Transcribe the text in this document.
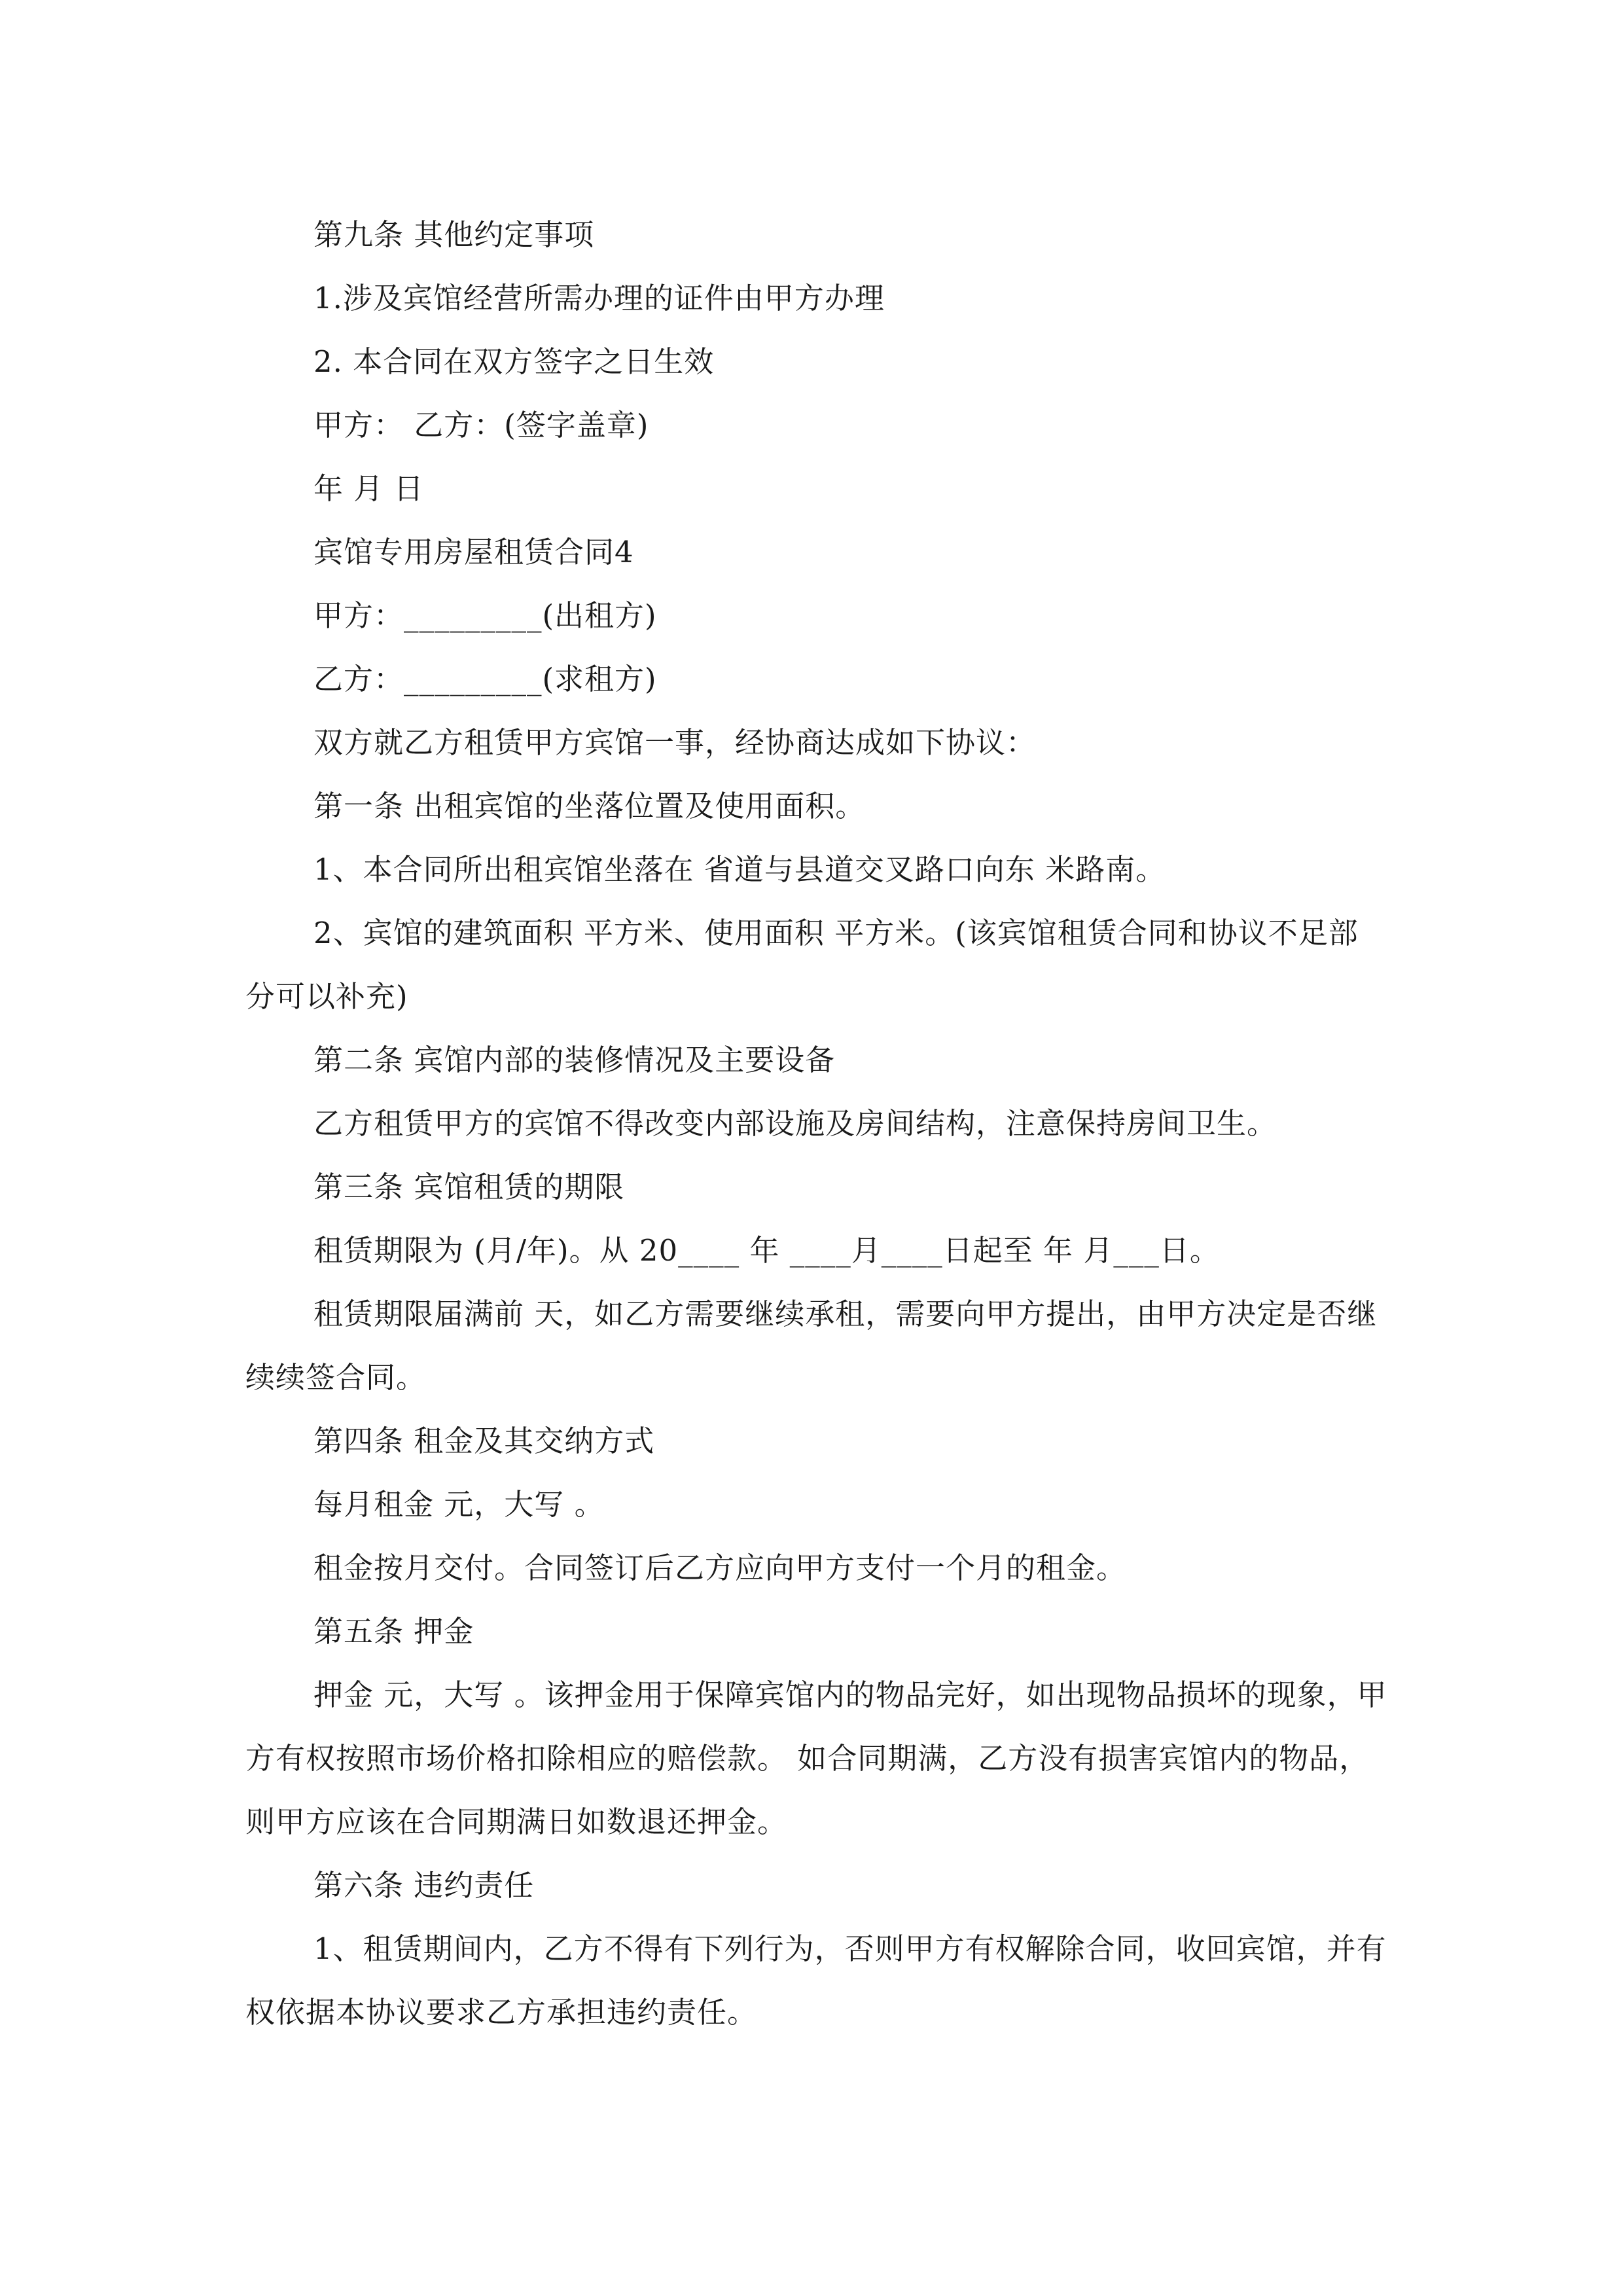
第九条 其他约定事项

1.涉及宾馆经营所需办理的证件由甲方办理

2. 本合同在双方签字之日生效

甲方： 乙方：(签字盖章)

年 月 日

宾馆专用房屋租赁合同4

甲方：_________(出租方)

乙方：_________(求租方)

双方就乙方租赁甲方宾馆一事，经协商达成如下协议：

第一条 出租宾馆的坐落位置及使用面积。

1、本合同所出租宾馆坐落在 省道与县道交叉路口向东 米路南。

2、宾馆的建筑面积 平方米、使用面积 平方米。(该宾馆租赁合同和协议不足部分可以补充)

第二条 宾馆内部的装修情况及主要设备

乙方租赁甲方的宾馆不得改变内部设施及房间结构，注意保持房间卫生。

第三条 宾馆租赁的期限

租赁期限为 (月/年)。从 20____ 年 ____月____日起至 年 月___日。

租赁期限届满前 天，如乙方需要继续承租，需要向甲方提出，由甲方决定是否继续续签合同。

第四条 租金及其交纳方式

每月租金 元，大写 。

租金按月交付。合同签订后乙方应向甲方支付一个月的租金。

第五条 押金

押金 元，大写 。该押金用于保障宾馆内的物品完好，如出现物品损坏的现象，甲方有权按照市场价格扣除相应的赔偿款。 如合同期满，乙方没有损害宾馆内的物品，则甲方应该在合同期满日如数退还押金。

第六条 违约责任

1、租赁期间内，乙方不得有下列行为，否则甲方有权解除合同，收回宾馆，并有权依据本协议要求乙方承担违约责任。
